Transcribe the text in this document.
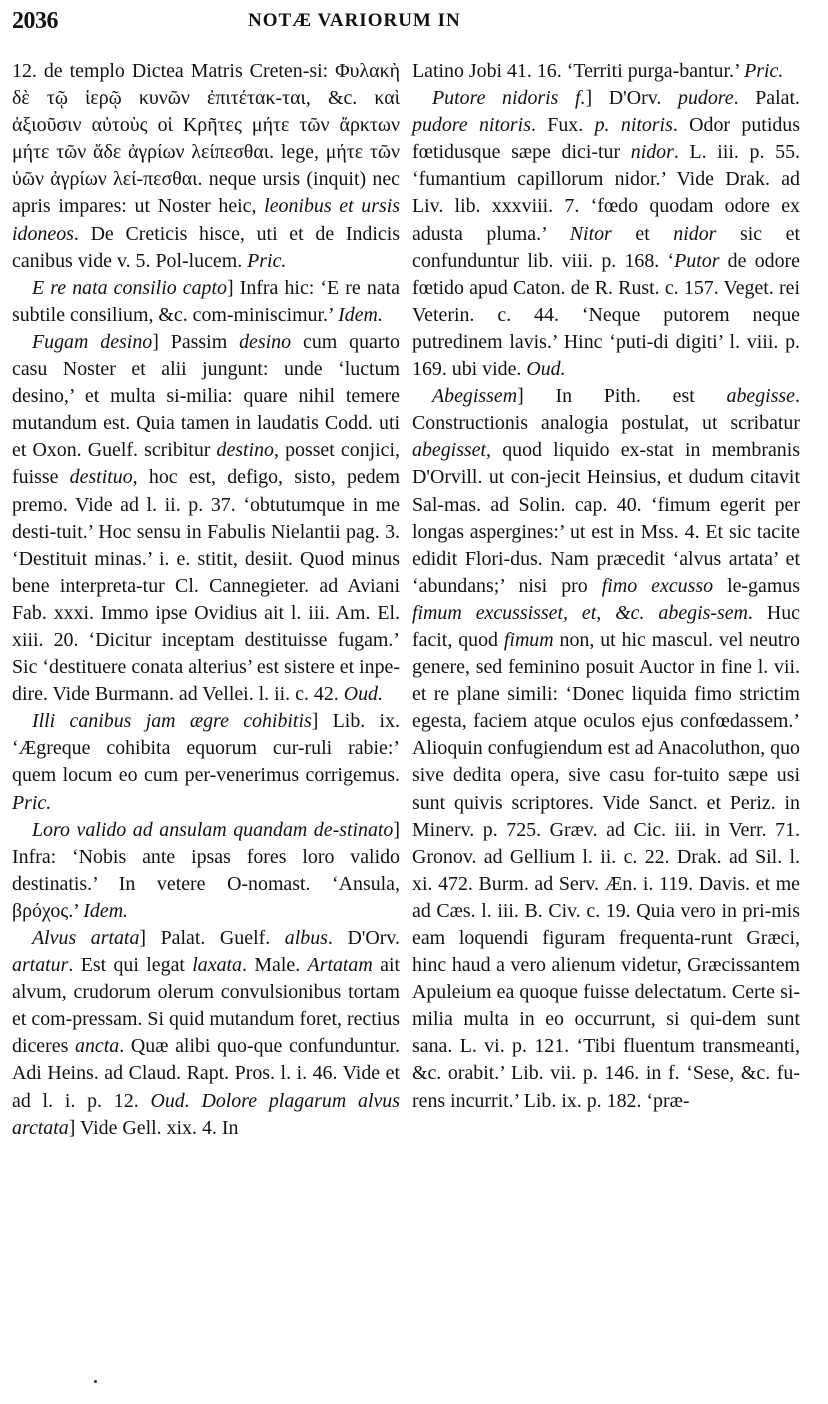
2036	NOTÆ VARIORUM IN

12. de templo Dictea Matris Creten-si: Φυλακὴ δὲ τῷ ἱερῷ κυνῶν ἐπιτέτακ-ται, &c. καὶ ἀξιοῦσιν αὐτοὺς οἱ Κρῆτες μήτε τῶν ἄρκτων μήτε τῶν ἄδε ἀγρίων λείπεσθαι. lege, μήτε τῶν ὑῶν ἀγρίων λεί-πεσθαι. neque ursis (inquit) nec apris impares: ut Noster heic, leonibus et ursis idoneos. De Creticis hisce, uti et de Indicis canibus vide v. 5. Pol-lucem. Pric.

E re nata consilio capto] Infra hic: ‘E re nata subtile consilium, &c. com-miniscimur.’ Idem.

Fugam desino] Passim desino cum quarto casu Noster et alii jungunt: unde ‘luctum desino,’ et multa si-milia: quare nihil temere mutandum est. Quia tamen in laudatis Codd. uti et Oxon. Guelf. scribitur destino, posset conjici, fuisse destituo, hoc est, defigo, sisto, pedem premo. Vide ad l. ii. p. 37. ‘obtutumque in me desti-tuit.’ Hoc sensu in Fabulis Nielantii pag. 3. ‘Destituit minas.’ i. e. stitit, desiit. Quod minus bene interpreta-tur Cl. Cannegieter. ad Aviani Fab. xxxi. Immo ipse Ovidius ait l. iii. Am. El. xiii. 20. ‘Dicitur inceptam destituisse fugam.’ Sic ‘destituere conata alterius’ est sistere et inpe-dire. Vide Burmann. ad Vellei. l. ii. c. 42. Oud.

Illi canibus jam ægre cohibitis] Lib. ix. ‘Ægreque cohibita equorum cur-ruli rabie:’ quem locum eo cum per-venerimus corrigemus. Pric.

Loro valido ad ansulam quandam de-stinato] Infra: ‘Nobis ante ipsas fores loro valido destinatis.’ In vetere O-nomast. ‘Ansula, βρόχος.’ Idem.

Alvus artata] Palat. Guelf. albus. D'Orv. artatur. Est qui legat laxata. Male. Artatam ait alvum, crudorum olerum convulsionibus tortam et com-pressam. Si quid mutandum foret, rectius diceres ancta. Quæ alibi quo-que confunduntur. Adi Heins. ad Claud. Rapt. Pros. l. i. 46. Vide et ad l. i. p. 12. Oud. Dolore plagarum alvus arctata] Vide Gell. xix. 4. In

Latino Jobi 41. 16. ‘Territi purga-bantur.’ Pric.

Putore nidoris f.] D'Orv. pudore. Palat. pudore nitoris. Fux. p. nitoris. Odor putidus fœtidusque sæpe dici-tur nidor. L. iii. p. 55. ‘fumantium capillorum nidor.’ Vide Drak. ad Liv. lib. xxxviii. 7. ‘fœdo quodam odore ex adusta pluma.’ Nitor et nidor sic et confunduntur lib. viii. p. 168. ‘Putor de odore fœtido apud Caton. de R. Rust. c. 157. Veget. rei Veterin. c. 44. ‘Neque putorem neque putredinem lavis.’ Hinc ‘puti-di digiti’ l. viii. p. 169. ubi vide. Oud.

Abegissem] In Pith. est abegisse. Constructionis analogia postulat, ut scribatur abegisset, quod liquido ex-stat in membranis D'Orvill. ut con-jecit Heinsius, et dudum citavit Sal-mas. ad Solin. cap. 40. ‘fimum egerit per longas aspergines:’ ut est in Mss. 4. Et sic tacite edidit Flori-dus. Nam præcedit ‘alvus artata’ et ‘abundans;’ nisi pro fimo excusso le-gamus fimum excussisset, et, &c. abegis-sem. Huc facit, quod fimum non, ut hic mascul. vel neutro genere, sed feminino posuit Auctor in fine l. vii. et re plane simili: ‘Donec liquida fimo strictim egesta, faciem atque oculos ejus confœdassem.’ Alioquin confugiendum est ad Anacoluthon, quo sive dedita opera, sive casu for-tuito sæpe usi sunt quivis scriptores. Vide Sanct. et Periz. in Minerv. p. 725. Græv. ad Cic. iii. in Verr. 71. Gronov. ad Gellium l. ii. c. 22. Drak. ad Sil. l. xi. 472. Burm. ad Serv. Æn. i. 119. Davis. et me ad Cæs. l. iii. B. Civ. c. 19. Quia vero in pri-mis eam loquendi figuram frequenta-runt Græci, hinc haud a vero alienum videtur, Græcissantem Apuleium ea quoque fuisse delectatum. Certe si-milia multa in eo occurrunt, si qui-dem sunt sana. L. vi. p. 121. ‘Tibi fluentum transmeanti, &c. orabit.’ Lib. vii. p. 146. in f. ‘Sese, &c. fu-rens incurrit.’ Lib. ix. p. 182. ‘præ-
